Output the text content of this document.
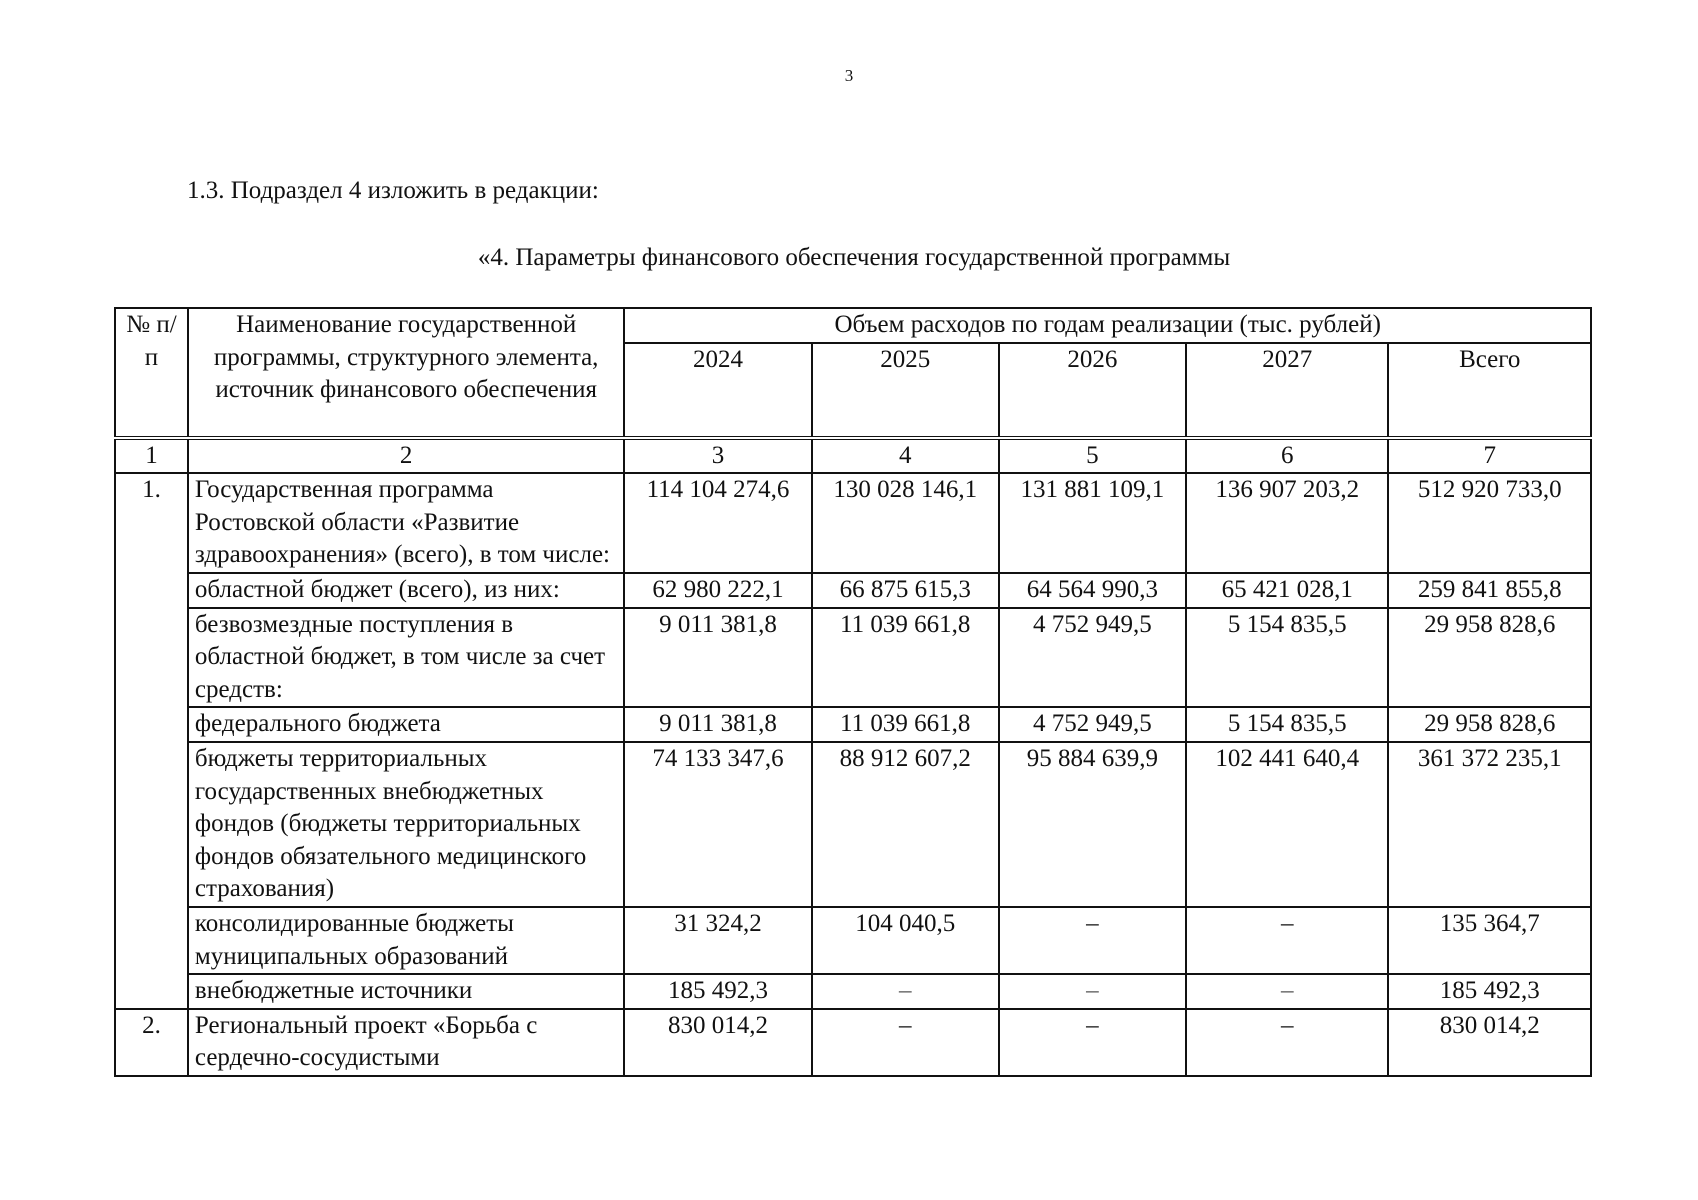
3
1.3. Подраздел 4 изложить в редакции:
«4. Параметры финансового обеспечения государственной программы
№ п/п	Наименование государственной программы, структурного элемента, источник финансового обеспечения	Объем расходов по годам реализации (тыс. рублей)				
		2024	2025	2026	2027	Всего
1	2	3	4	5	6	7
1.	Государственная программа Ростовской области «Развитие здравоохранения» (всего), в том числе:	114 104 274,6	130 028 146,1	131 881 109,1	136 907 203,2	512 920 733,0
	областной бюджет (всего), из них:	62 980 222,1	66 875 615,3	64 564 990,3	65 421 028,1	259 841 855,8
	безвозмездные поступления в областной бюджет, в том числе за счет средств:	9 011 381,8	11 039 661,8	4 752 949,5	5 154 835,5	29 958 828,6
	федерального бюджета	9 011 381,8	11 039 661,8	4 752 949,5	5 154 835,5	29 958 828,6
	бюджеты территориальных государственных внебюджетных фондов (бюджеты территориальных фондов обязательного медицинского страхования)	74 133 347,6	88 912 607,2	95 884 639,9	102 441 640,4	361 372 235,1
	консолидированные бюджеты муниципальных образований	31 324,2	104 040,5	–	–	135 364,7
	внебюджетные источники	185 492,3	–	–	–	185 492,3
2.	Региональный проект «Борьба с сердечно-сосудистыми	830 014,2	–	–	–	830 014,2
